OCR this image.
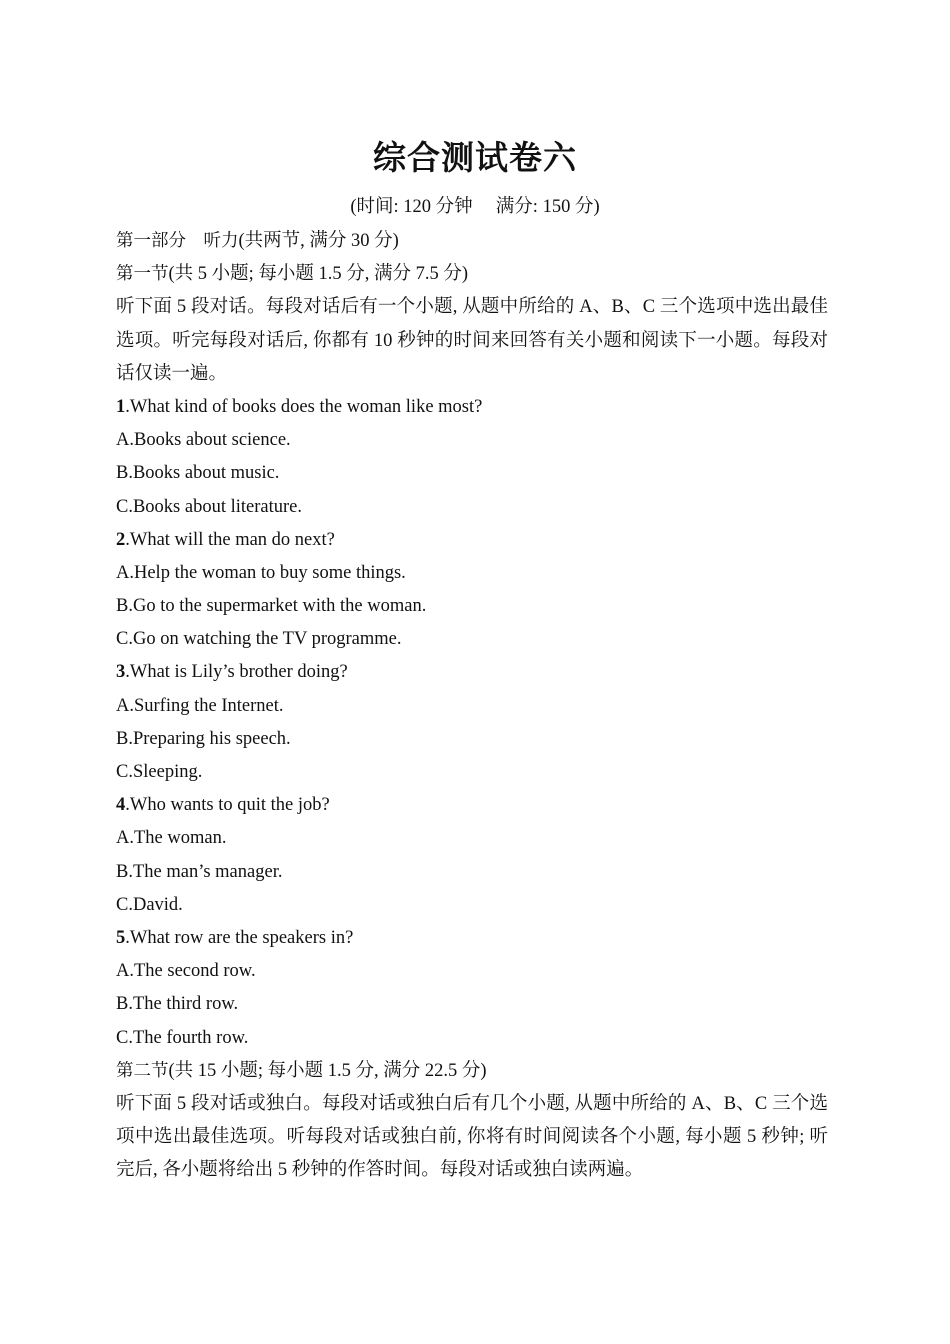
综合测试卷六
(时间: 120 分钟　 满分: 150 分)
第一部分　听力(共两节, 满分 30 分)
第一节(共 5 小题; 每小题 1.5 分, 满分 7.5 分)
听下面 5 段对话。每段对话后有一个小题, 从题中所给的 A、B、C 三个选项中选出最佳选项。听完每段对话后, 你都有 10 秒钟的时间来回答有关小题和阅读下一小题。每段对话仅读一遍。
1.What kind of books does the woman like most?
A.Books about science.
B.Books about music.
C.Books about literature.
2.What will the man do next?
A.Help the woman to buy some things.
B.Go to the supermarket with the woman.
C.Go on watching the TV programme.
3.What is Lily’s brother doing?
A.Surfing the Internet.
B.Preparing his speech.
C.Sleeping.
4.Who wants to quit the job?
A.The woman.
B.The man’s manager.
C.David.
5.What row are the speakers in?
A.The second row.
B.The third row.
C.The fourth row.
第二节(共 15 小题; 每小题 1.5 分, 满分 22.5 分)
听下面 5 段对话或独白。每段对话或独白后有几个小题, 从题中所给的 A、B、C 三个选项中选出最佳选项。听每段对话或独白前, 你将有时间阅读各个小题, 每小题 5 秒钟; 听完后, 各小题将给出 5 秒钟的作答时间。每段对话或独白读两遍。
